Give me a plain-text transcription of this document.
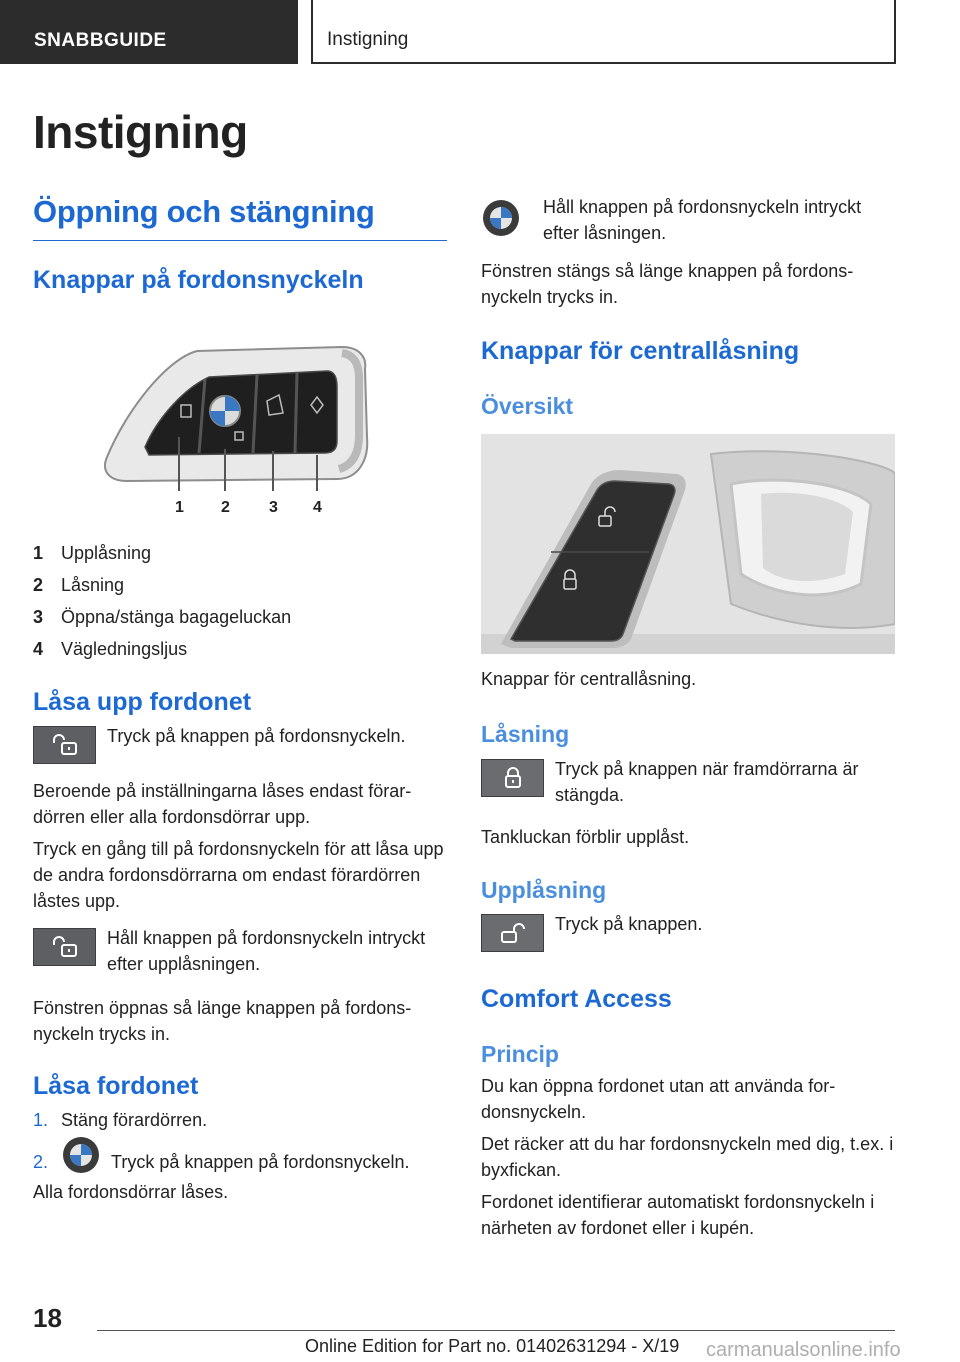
SNABBGUIDE	Instigning
Instigning
Öppning och stängning
Knappar på fordonsnyckeln
1 2 3 4
1 Upplåsning
2 Låsning
3 Öppna/stänga bagageluckan
4 Vägledningsljus
Låsa upp fordonet
Tryck på knappen på fordonsnyckeln.
Beroende på inställningarna låses endast förardörren eller alla fordonsdörrar upp.
Tryck en gång till på fordonsnyckeln för att låsa upp de andra fordonsdörrarna om endast förardörren låstes upp.
Håll knappen på fordonsnyckeln intryckt efter upplåsningen.
Fönstren öppnas så länge knappen på fordonsnyckeln trycks in.
Låsa fordonet
1. Stäng förardörren.
2.	Tryck på knappen på fordonsnyckeln.
Alla fordonsdörrar låses.
Håll knappen på fordonsnyckeln intryckt efter låsningen.
Fönstren stängs så länge knappen på fordonsnyckeln trycks in.
Knappar för centrallåsning
Översikt
Knappar för centrallåsning.
Låsning
Tryck på knappen när framdörrarna är stängda.
Tankluckan förblir upplåst.
Upplåsning
Tryck på knappen.
Comfort Access
Princip
Du kan öppna fordonet utan att använda fordonsnyckeln.
Det räcker att du har fordonsnyckeln med dig, t.ex. i byxfickan.
Fordonet identifierar automatiskt fordonsnyckeln i närheten av fordonet eller i kupén.
18
Online Edition for Part no. 01402631294 - X/19 carmanualsonline.info
